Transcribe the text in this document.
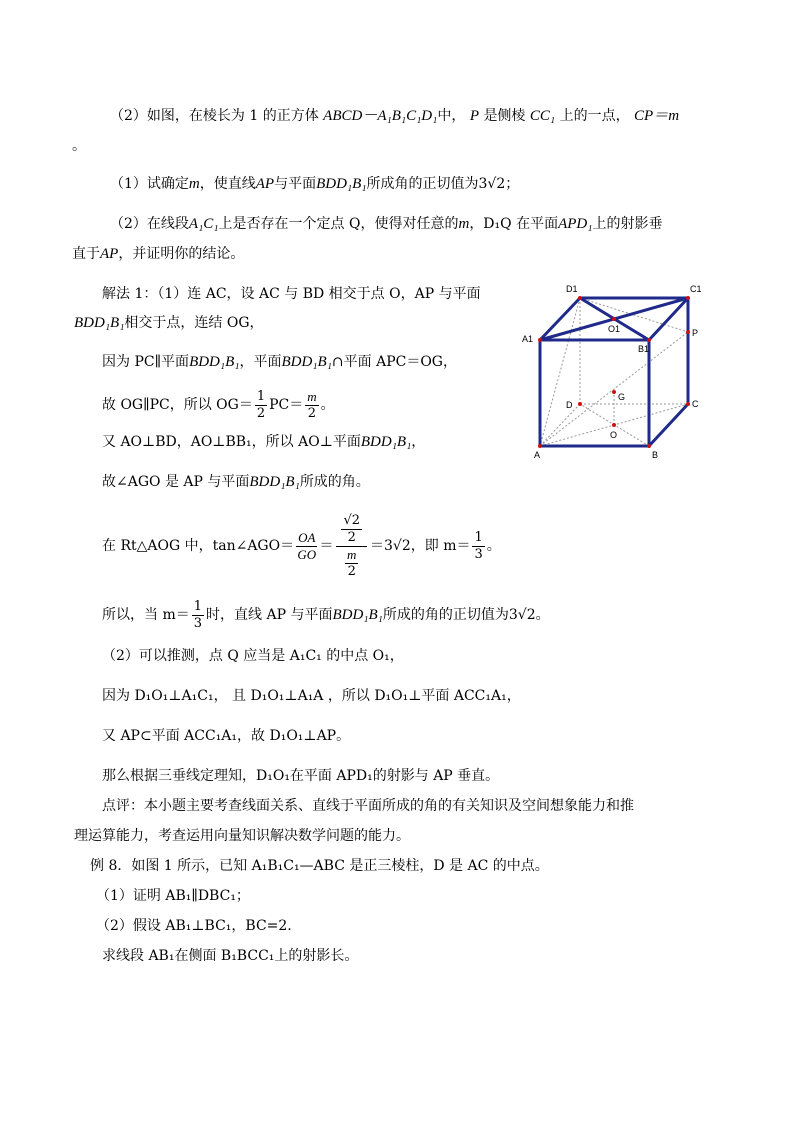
（2）如图，在棱长为 1 的正方体 ABCD－A₁B₁C₁D₁中， P 是侧棱 CC₁ 上的一点， CP＝m
。
（1）试确定m，使直线AP与平面BDD₁B₁所成角的正切值为3√2；
（2）在线段A₁C₁上是否存在一个定点 Q，使得对任意的m，D₁Q 在平面APD₁上的射影垂
直于AP，并证明你的结论。
解法 1：（1）连 AC，设 AC 与 BD 相交于点 O，AP 与平面
BDD₁B₁相交于点，连结 OG，
因为 PC∥平面BDD₁B₁，平面BDD₁B₁∩平面 APC＝OG，
故 OG∥PC，所以 $OG= \frac{1}{2} PC= \frac{m}{2}$ 。
又 AO⊥BD，AO⊥BB₁，所以 AO⊥平面BDD₁B₁，
故∠AGO 是 AP 与平面BDD₁B₁所成的角。
在 Rt△AOG 中，tan∠AGO＝ $\frac{OA}{GO} = \frac{\frac{√2}{2}}{\frac{m}{2}} =3√2$，即 $m= \frac{1}{3}$ 。
所以，当 $m= \frac{1}{3}$ 时，直线 AP 与平面BDD₁B₁所成的角的正切值为3√2。
（2）可以推测，点 Q 应当是 A₁C₁ 的中点 O₁，
因为 D₁O₁⊥A₁C₁， 且 D₁O₁⊥A₁A ，所以 D₁O₁⊥平面 ACC₁A₁，
又 AP⊂平面 ACC₁A₁，故 D₁O₁⊥AP。
那么根据三垂线定理知，D₁O₁在平面 APD₁的射影与 AP 垂直。
点评：本小题主要考查线面关系、直线于平面所成的角的有关知识及空间想象能力和推
理运算能力，考查运用向量知识解决数学问题的能力。
例 8．如图 1 所示，已知 A₁B₁C₁—ABC 是正三棱柱，D 是 AC 的中点。
（1）证明 AB₁∥DBC₁；
（2）假设 AB₁⊥BC₁，BC=2.
求线段 AB₁在侧面 B₁BCC₁上的射影长。
D1	C1
O1
A1
B1
P
D
G
C
O
A	B
